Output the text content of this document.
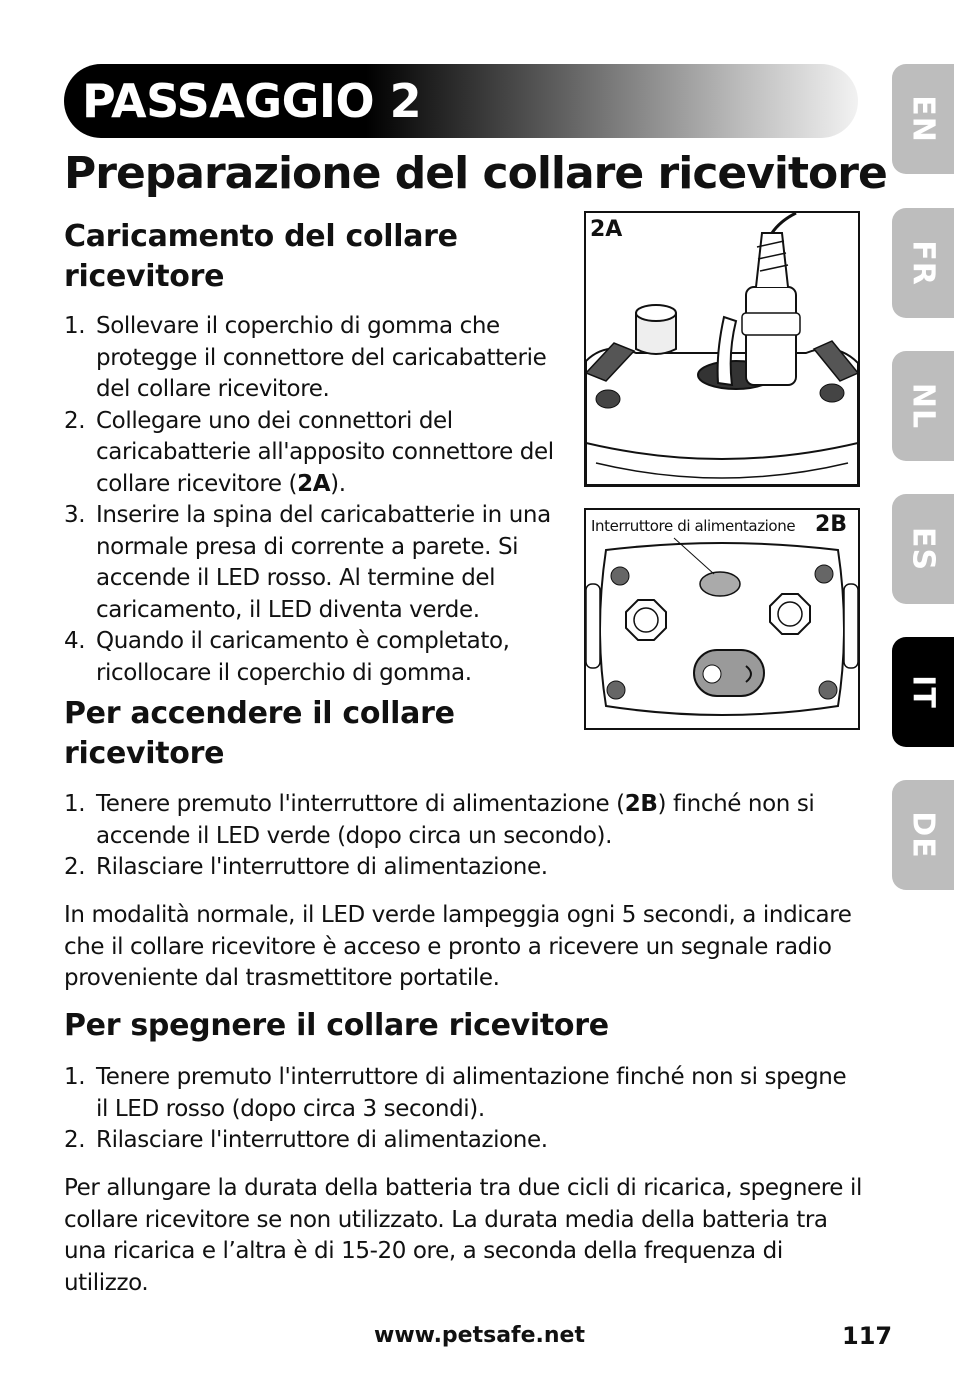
PASSAGGIO 2
Preparazione del collare ricevitore
Caricamento del collare
ricevitore
1. Sollevare il coperchio di gomma che protegge il connettore del caricabatterie del collare ricevitore.
2. Collegare uno dei connettori del caricabatterie all'apposito connettore del collare ricevitore (2A).
3. Inserire la spina del caricabatterie in una normale presa di corrente a parete. Si accende il LED rosso. Al termine del caricamento, il LED diventa verde.
4. Quando il caricamento è completato, ricollocare il coperchio di gomma.
2A
Interruttore di alimentazione 2B
Per accendere il collare
ricevitore
1. Tenere premuto l'interruttore di alimentazione (2B) finché non si accende il LED verde (dopo circa un secondo).
2. Rilasciare l'interruttore di alimentazione.

In modalità normale, il LED verde lampeggia ogni 5 secondi, a indicare che il collare ricevitore è acceso e pronto a ricevere un segnale radio proveniente dal trasmettitore portatile.

Per spegnere il collare ricevitore
1. Tenere premuto l'interruttore di alimentazione finché non si spegne il LED rosso (dopo circa 3 secondi).
2. Rilasciare l'interruttore di alimentazione.

Per allungare la durata della batteria tra due cicli di ricarica, spegnere il collare ricevitore se non utilizzato. La durata media della batteria tra una ricarica e l’altra è di 15-20 ore, a seconda della frequenza di utilizzo.

EN
FR
NL
ES
IT
DE
www.petsafe.net	117
